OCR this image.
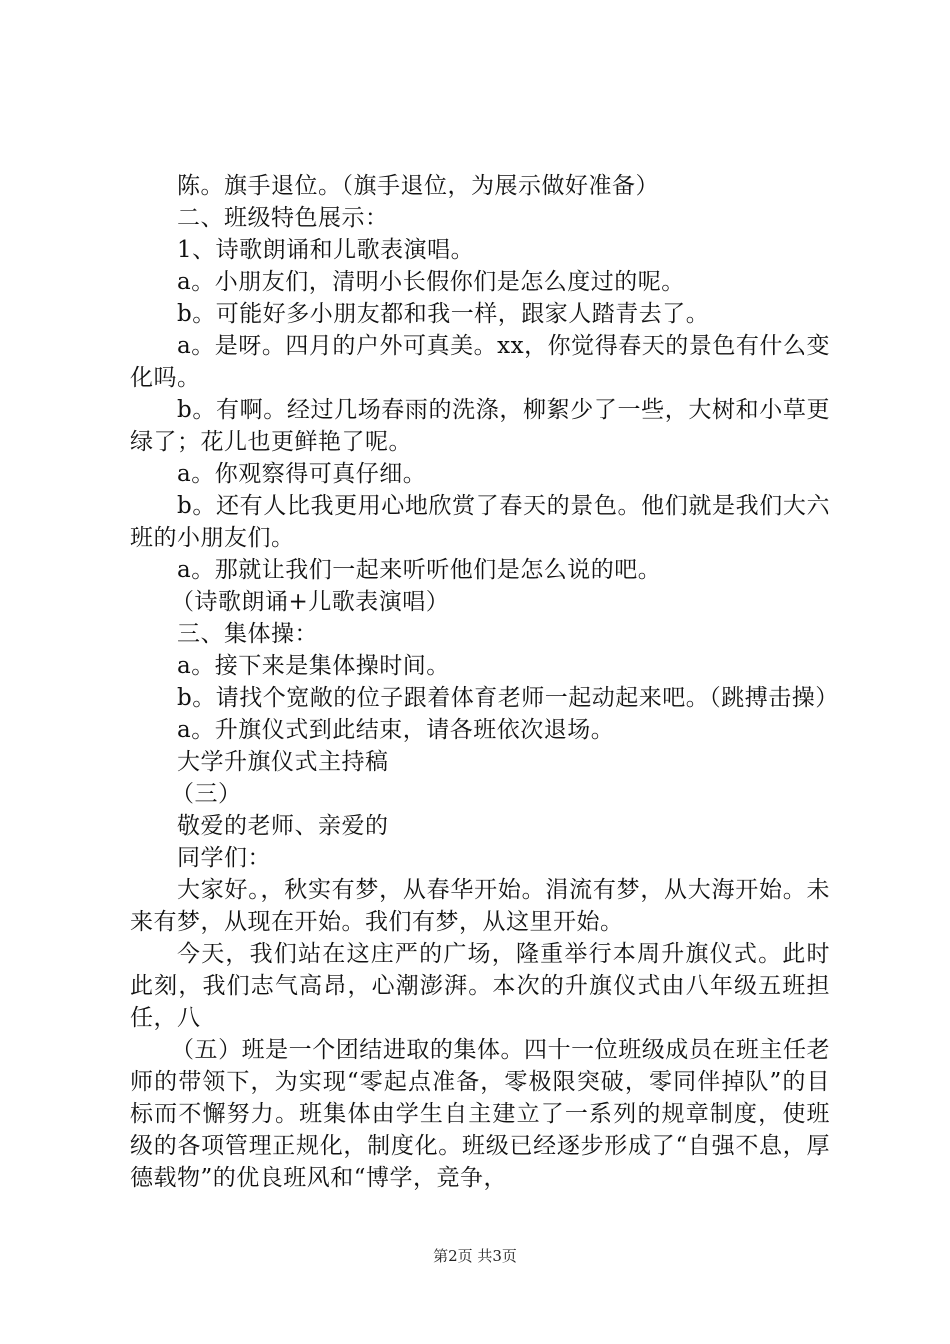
陈。旗手退位。（旗手退位，为展示做好准备）
二、班级特色展示：
1、诗歌朗诵和儿歌表演唱。
a。小朋友们，清明小长假你们是怎么度过的呢。
b。可能好多小朋友都和我一样，跟家人踏青去了。
a。是呀。四月的户外可真美。xx，你觉得春天的景色有什么变化吗。
b。有啊。经过几场春雨的洗涤，柳絮少了一些，大树和小草更绿了；花儿也更鲜艳了呢。
a。你观察得可真仔细。
b。还有人比我更用心地欣赏了春天的景色。他们就是我们大六班的小朋友们。
a。那就让我们一起来听听他们是怎么说的吧。
（诗歌朗诵+儿歌表演唱）
三、集体操：
a。接下来是集体操时间。
b。请找个宽敞的位子跟着体育老师一起动起来吧。（跳搏击操）
a。升旗仪式到此结束，请各班依次退场。
大学升旗仪式主持稿
（三）
敬爱的老师、亲爱的
同学们：
大家好。，秋实有梦，从春华开始。涓流有梦，从大海开始。未来有梦，从现在开始。我们有梦，从这里开始。
今天，我们站在这庄严的广场，隆重举行本周升旗仪式。此时此刻，我们志气高昂，心潮澎湃。本次的升旗仪式由八年级五班担任，八
（五）班是一个团结进取的集体。四十一位班级成员在班主任老师的带领下，为实现“零起点准备，零极限突破，零同伴掉队”的目标而不懈努力。班集体由学生自主建立了一系列的规章制度，使班级的各项管理正规化，制度化。班级已经逐步形成了“自强不息，厚德载物”的优良班风和“博学，竞争，
第2页 共3页
